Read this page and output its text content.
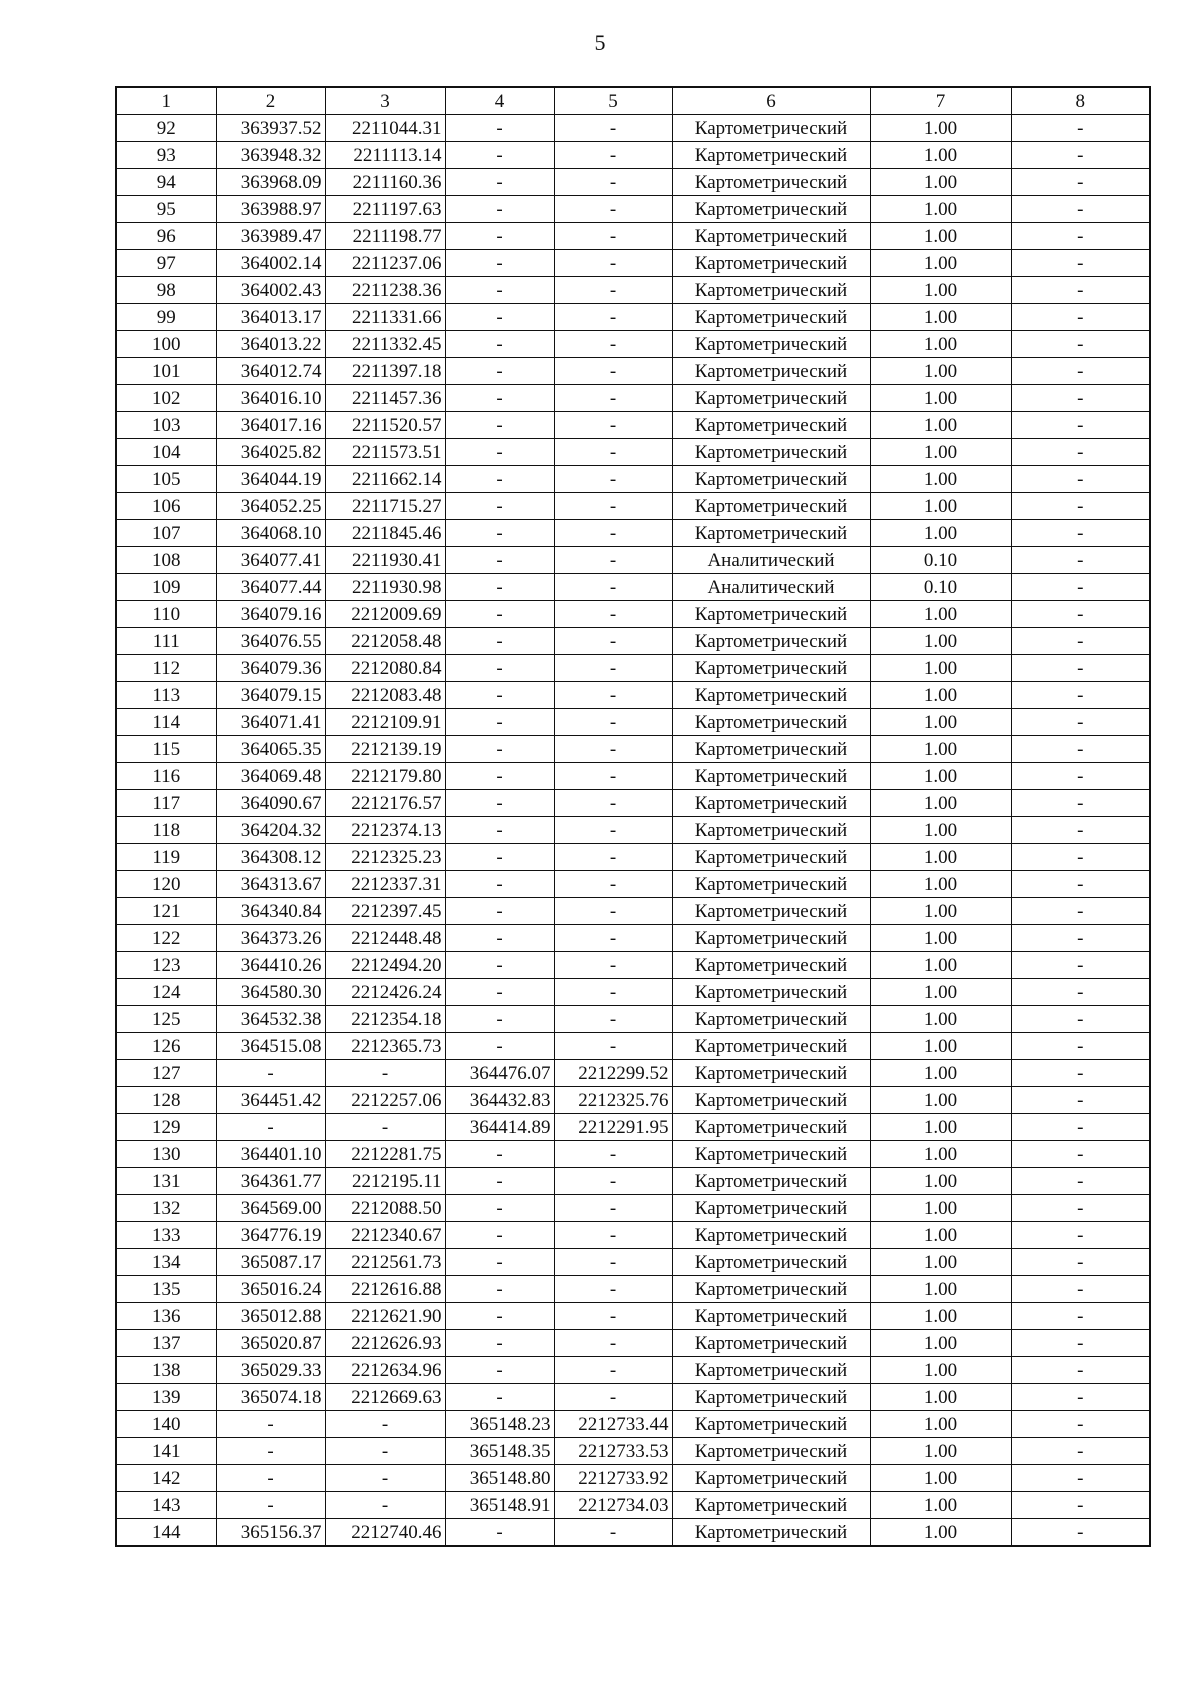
5
1	2	3	4	5	6	7	8
92	363937.52	2211044.31	-	-	Картометрический	1.00	-
93	363948.32	2211113.14	-	-	Картометрический	1.00	-
94	363968.09	2211160.36	-	-	Картометрический	1.00	-
95	363988.97	2211197.63	-	-	Картометрический	1.00	-
96	363989.47	2211198.77	-	-	Картометрический	1.00	-
97	364002.14	2211237.06	-	-	Картометрический	1.00	-
98	364002.43	2211238.36	-	-	Картометрический	1.00	-
99	364013.17	2211331.66	-	-	Картометрический	1.00	-
100	364013.22	2211332.45	-	-	Картометрический	1.00	-
101	364012.74	2211397.18	-	-	Картометрический	1.00	-
102	364016.10	2211457.36	-	-	Картометрический	1.00	-
103	364017.16	2211520.57	-	-	Картометрический	1.00	-
104	364025.82	2211573.51	-	-	Картометрический	1.00	-
105	364044.19	2211662.14	-	-	Картометрический	1.00	-
106	364052.25	2211715.27	-	-	Картометрический	1.00	-
107	364068.10	2211845.46	-	-	Картометрический	1.00	-
108	364077.41	2211930.41	-	-	Аналитический	0.10	-
109	364077.44	2211930.98	-	-	Аналитический	0.10	-
110	364079.16	2212009.69	-	-	Картометрический	1.00	-
111	364076.55	2212058.48	-	-	Картометрический	1.00	-
112	364079.36	2212080.84	-	-	Картометрический	1.00	-
113	364079.15	2212083.48	-	-	Картометрический	1.00	-
114	364071.41	2212109.91	-	-	Картометрический	1.00	-
115	364065.35	2212139.19	-	-	Картометрический	1.00	-
116	364069.48	2212179.80	-	-	Картометрический	1.00	-
117	364090.67	2212176.57	-	-	Картометрический	1.00	-
118	364204.32	2212374.13	-	-	Картометрический	1.00	-
119	364308.12	2212325.23	-	-	Картометрический	1.00	-
120	364313.67	2212337.31	-	-	Картометрический	1.00	-
121	364340.84	2212397.45	-	-	Картометрический	1.00	-
122	364373.26	2212448.48	-	-	Картометрический	1.00	-
123	364410.26	2212494.20	-	-	Картометрический	1.00	-
124	364580.30	2212426.24	-	-	Картометрический	1.00	-
125	364532.38	2212354.18	-	-	Картометрический	1.00	-
126	364515.08	2212365.73	-	-	Картометрический	1.00	-
127	-	-	364476.07	2212299.52	Картометрический	1.00	-
128	364451.42	2212257.06	364432.83	2212325.76	Картометрический	1.00	-
129	-	-	364414.89	2212291.95	Картометрический	1.00	-
130	364401.10	2212281.75	-	-	Картометрический	1.00	-
131	364361.77	2212195.11	-	-	Картометрический	1.00	-
132	364569.00	2212088.50	-	-	Картометрический	1.00	-
133	364776.19	2212340.67	-	-	Картометрический	1.00	-
134	365087.17	2212561.73	-	-	Картометрический	1.00	-
135	365016.24	2212616.88	-	-	Картометрический	1.00	-
136	365012.88	2212621.90	-	-	Картометрический	1.00	-
137	365020.87	2212626.93	-	-	Картометрический	1.00	-
138	365029.33	2212634.96	-	-	Картометрический	1.00	-
139	365074.18	2212669.63	-	-	Картометрический	1.00	-
140	-	-	365148.23	2212733.44	Картометрический	1.00	-
141	-	-	365148.35	2212733.53	Картометрический	1.00	-
142	-	-	365148.80	2212733.92	Картометрический	1.00	-
143	-	-	365148.91	2212734.03	Картометрический	1.00	-
144	365156.37	2212740.46	-	-	Картометрический	1.00	-
